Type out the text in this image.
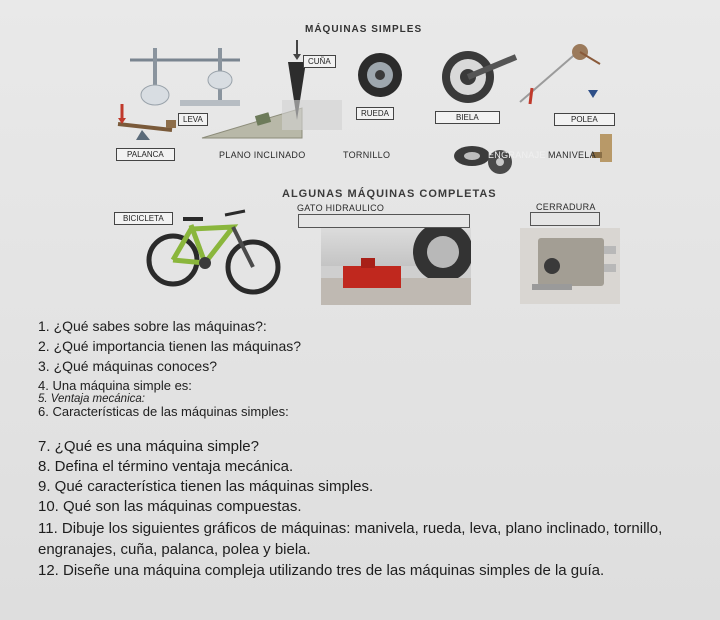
MÁQUINAS SIMPLES
LEVA
CUÑA
RUEDA	BIELA	POLEA
PALANCA	PLANO INCLINADO	TORNILLO	ENGRANAJE MANIVELA
ALGUNAS MÁQUINAS COMPLETAS
GATO HIDRAULICO	CERRADURA
BICICLETA
1. ¿Qué sabes sobre las máquinas?:
2. ¿Qué importancia tienen las máquinas?
3. ¿Qué máquinas conoces?
4. Una máquina simple es:
5. Ventaja mecánica:
6. Características de las máquinas simples:
7. ¿Qué es una máquina simple?
8. Defina el término ventaja mecánica.
9. Qué característica tienen las máquinas simples.
10. Qué son las máquinas compuestas.
11. Dibuje los siguientes gráficos de máquinas: manivela, rueda, leva, plano inclinado, tornillo, engranajes, cuña, palanca, polea y biela.
12. Diseñe una máquina compleja utilizando tres de las máquinas simples de la guía.
